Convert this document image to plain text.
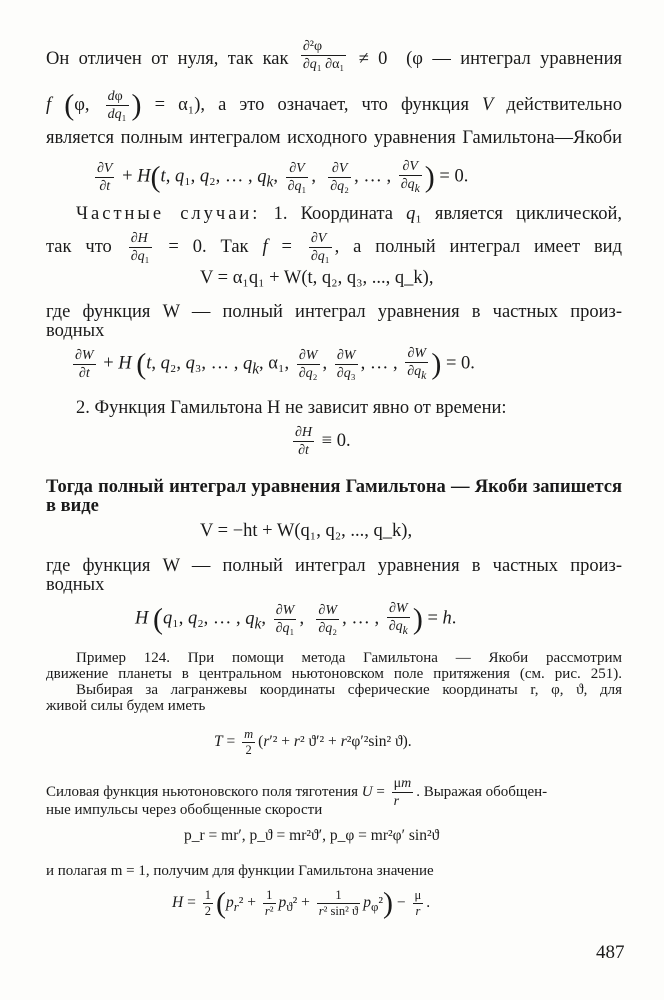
Он отличен от нуля, так как $\frac{\text{∂²φ}}{\text{∂q₁ ∂α₁}} \ne 0$  (φ — интеграл уравнения
f (φ, $\frac{d\varphi}{\text{dq₁}}$ ) = α₁), а это означает, что функция V действительно
является полным интегралом исходного уравнения Гамильтона—Якоби
$\frac{\partial V}{\partial t} + H(t$, q₁, q₂, … , $q_k$, $\frac{\partial V}{\text{∂q₁}}$ , $\frac{\partial V}{\text{∂q₂}}$ , … , $\frac{\partial V}{\partial q_k}$ ) = 0.
Частные случаи: 1. Координата q₁ является циклической,
так что $\frac{\partial H}{\text{∂q₁}} = 0$. Так $f = \frac{\partial V}{\text{∂q₁}}$ , а полный интеграл имеет вид
V = α₁q₁ + W(t, q₂, q₃, ..., q_k),
где функция W — полный интеграл уравнения в частных произ-
водных
$\frac{\partial W}{\partial t} + H$ (t, q₂, q₃, … , $q_k$, α₁, $\frac{\partial W}{\text{∂q₂}}$ , $\frac{\partial W}{\text{∂q₃}}$ , … , $\frac{\partial W}{\partial q_k}$ ) = 0.
2. Функция Гамильтона H не зависит явно от времени:
$\frac{\partial H}{\partial t} \equiv 0$.
Тогда полный интеграл уравнения Гамильтона — Якоби запишется
в виде
V = −ht + W(q₁, q₂, ..., q_k),
где функция W — полный интеграл уравнения в частных произ-
водных
H (q₁, q₂, … , $q_k$, $\frac{\partial W}{\text{∂q₁}}$ , $\frac{\partial W}{\text{∂q₂}}$ , … , $\frac{\partial W}{\partial q_k}$ ) = h.
Пример 124. При помощи метода Гамильтона — Якоби рассмотрим
движение планеты в центральном ньютоновском поле притяжения (см. рис. 251).
Выбирая за лагранжевы координаты сферические координаты r, φ, ϑ, для
живой силы будем иметь
$T = \frac{m}{2} (r'^2 + r^2$ ϑ′² + r²φ′²sin² ϑ).
Силовая функция ньютоновского поля тяготения $U = \frac{\mu m}{r}$ . Выражая обобщен-
ные импульсы через обобщенные скорости
p_r = mr′, p_ϑ = mr²ϑ′, p_φ = mr²φ′ sin²ϑ
и полагая m = 1, получим для функции Гамильтона значение
$H = \frac{1}{2} (p_r^2 + \frac{1}{\text{r²}} p_ϑ^2 + \frac{1}{\text{r² sin² ϑ}} p_\varphi^2) - \frac{\mu}{r}$ .
487
